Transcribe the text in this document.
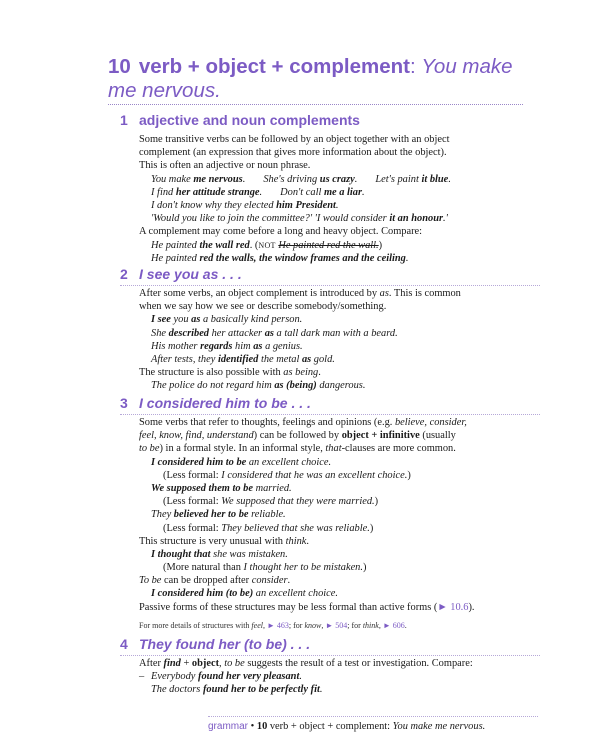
10 verb + object + complement: You make
me nervous.
1 adjective and noun complements
Some transitive verbs can be followed by an object together with an object
complement (an expression that gives more information about the object).
This is often an adjective or noun phrase.
You make me nervous. She's driving us crazy. Let's paint it blue.
I find her attitude strange. Don't call me a liar.
I don't know why they elected him President.
'Would you like to join the committee?' 'I would consider it an honour.'
A complement may come before a long and heavy object. Compare:
He painted the wall red. (NOT He painted red the wall.)
He painted red the walls, the window frames and the ceiling.
2 I see you as . . .
After some verbs, an object complement is introduced by as. This is common
when we say how we see or describe somebody/something.
I see you as a basically kind person.
She described her attacker as a tall dark man with a beard.
His mother regards him as a genius.
After tests, they identified the metal as gold.
The structure is also possible with as being.
The police do not regard him as (being) dangerous.
3 I considered him to be . . .
Some verbs that refer to thoughts, feelings and opinions (e.g. believe, consider,
feel, know, find, understand) can be followed by object + infinitive (usually
to be) in a formal style. In an informal style, that-clauses are more common.
I considered him to be an excellent choice.
(Less formal: I considered that he was an excellent choice.)
We supposed them to be married.
(Less formal: We supposed that they were married.)
They believed her to be reliable.
(Less formal: They believed that she was reliable.)
This structure is very unusual with think.
I thought that she was mistaken.
(More natural than I thought her to be mistaken.)
To be can be dropped after consider.
I considered him (to be) an excellent choice.
Passive forms of these structures may be less formal than active forms (► 10.6).
For more details of structures with feel, ► 463; for know, ► 504; for think, ► 606.
4 They found her (to be) . . .
After find + object, to be suggests the result of a test or investigation. Compare:
– Everybody found her very pleasant.
The doctors found her to be perfectly fit.
grammar • 10 verb + object + complement: You make me nervous.
